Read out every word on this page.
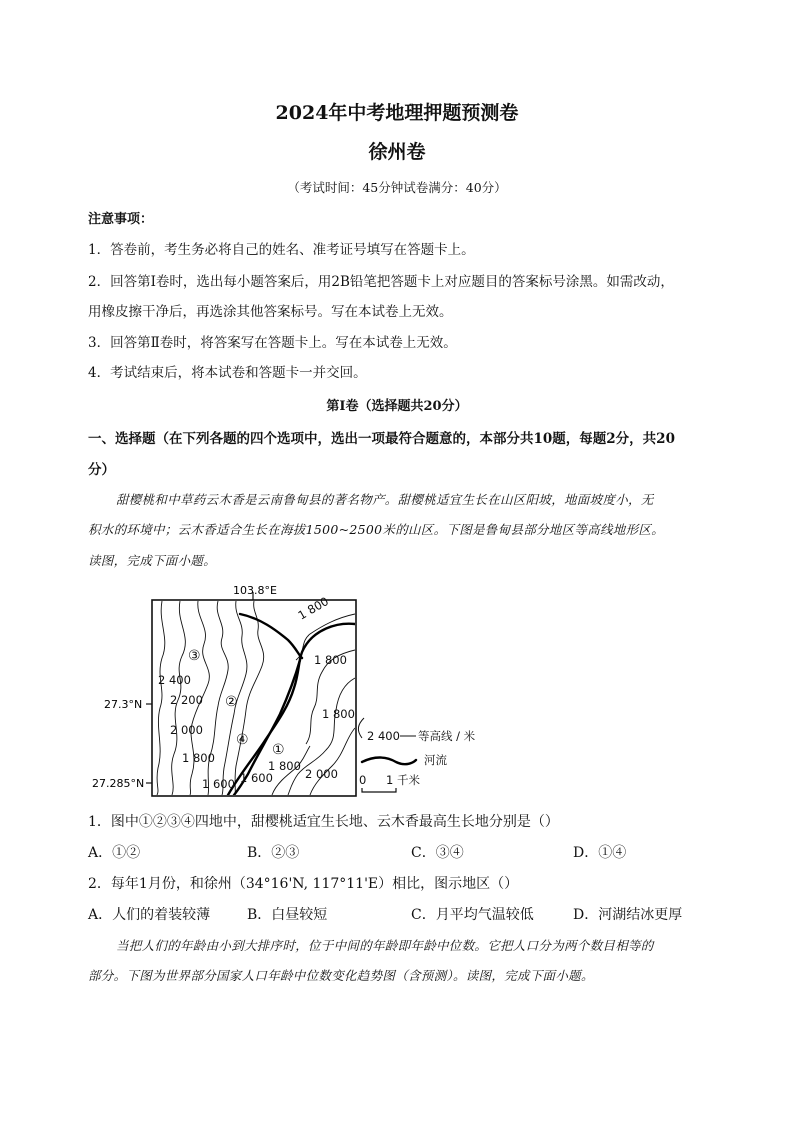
2024年中考地理押题预测卷
徐州卷
（考试时间：45分钟试卷满分：40分）
注意事项：
1．答卷前，考生务必将自己的姓名、准考证号填写在答题卡上。
2．回答第Ⅰ卷时，选出每小题答案后，用2B铅笔把答题卡上对应题目的答案标号涂黑。如需改动，
用橡皮擦干净后，再选涂其他答案标号。写在本试卷上无效。
3．回答第Ⅱ卷时，将答案写在答题卡上。写在本试卷上无效。
4．考试结束后，将本试卷和答题卡一并交回。
第Ⅰ卷（选择题共20分）
一、选择题（在下列各题的四个选项中，选出一项最符合题意的，本部分共10题，每题2分，共20
分）
甜樱桃和中草药云木香是云南鲁甸县的著名物产。甜樱桃适宜生长在山区阳坡，地面坡度小，无
积水的环境中；云木香适合生长在海拔1500~2500米的山区。下图是鲁甸县部分地区等高线地形区。
读图，完成下面小题。
103.8°E
27.3°N
27.285°N
1 800
1 800
1 800
2 400
2 200
2 000
1 800
1 600 1 600
1 800
2 000
①
②
③
④	2 400 等高线 / 米
河流
0 1 千米
1．图中①②③④四地中，甜樱桃适宜生长地、云木香最高生长地分别是（）
A．①②	B．②③	C．③④	D．①④
2．每年1月份，和徐州（34°16'N, 117°11'E）相比，图示地区（）
A．人们的着装较薄	B．白昼较短	C．月平均气温较低	D．河湖结冰更厚
当把人们的年龄由小到大排序时，位于中间的年龄即年龄中位数。它把人口分为两个数目相等的
部分。下图为世界部分国家人口年龄中位数变化趋势图（含预测）。读图，完成下面小题。
